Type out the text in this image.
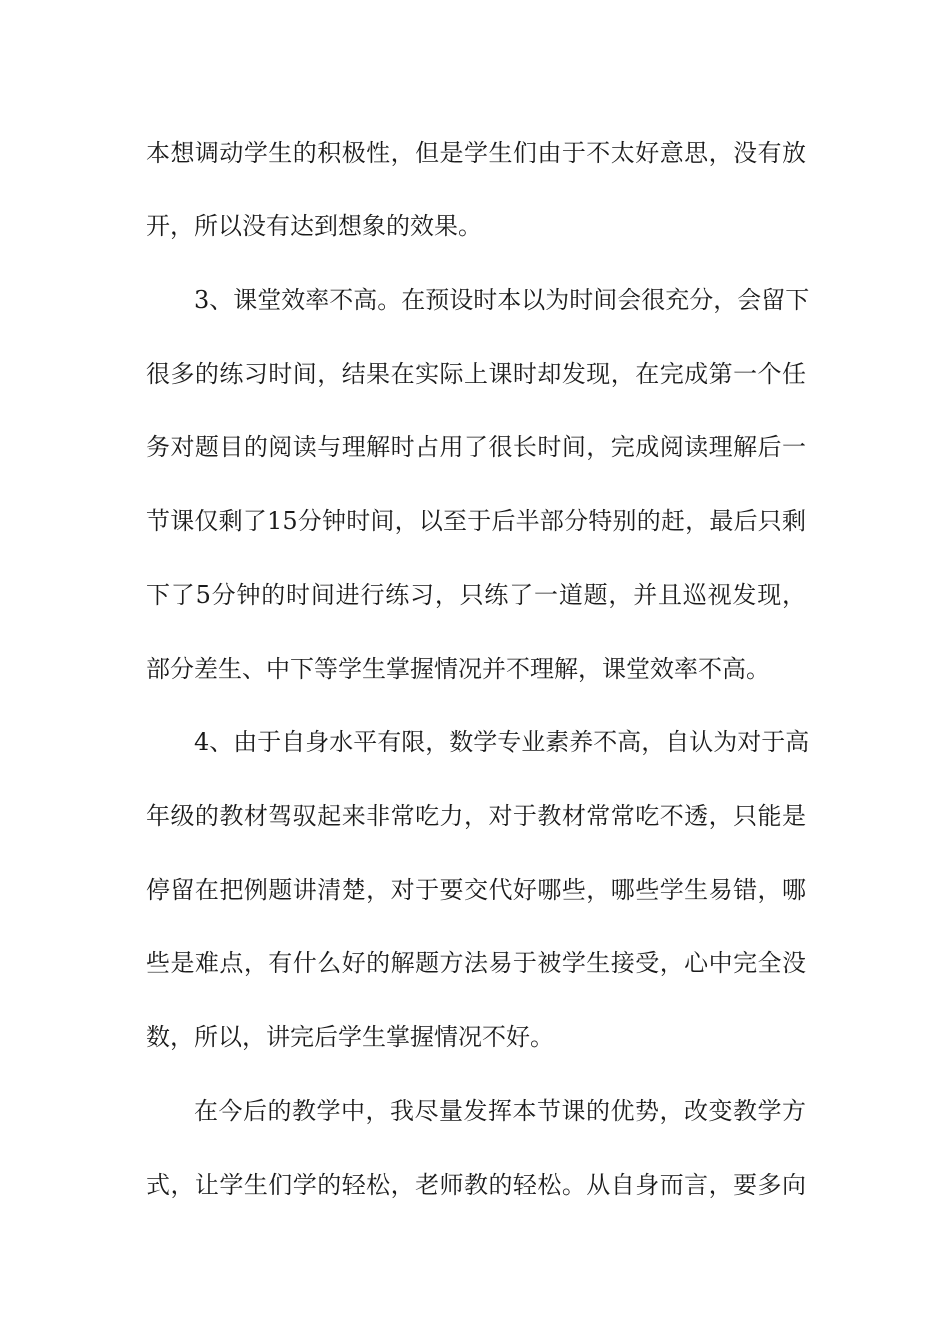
本想调动学生的积极性，但是学生们由于不太好意思，没有放

开，所以没有达到想象的效果。

3、课堂效率不高。在预设时本以为时间会很充分，会留下

很多的练习时间，结果在实际上课时却发现，在完成第一个任

务对题目的阅读与理解时占用了很长时间，完成阅读理解后一

节课仅剩了15分钟时间，以至于后半部分特别的赶，最后只剩

下了5分钟的时间进行练习，只练了一道题，并且巡视发现，

部分差生、中下等学生掌握情况并不理解，课堂效率不高。

4、由于自身水平有限，数学专业素养不高，自认为对于高

年级的教材驾驭起来非常吃力，对于教材常常吃不透，只能是

停留在把例题讲清楚，对于要交代好哪些，哪些学生易错，哪

些是难点，有什么好的解题方法易于被学生接受，心中完全没

数，所以，讲完后学生掌握情况不好。

在今后的教学中，我尽量发挥本节课的优势，改变教学方

式，让学生们学的轻松，老师教的轻松。从自身而言，要多向
